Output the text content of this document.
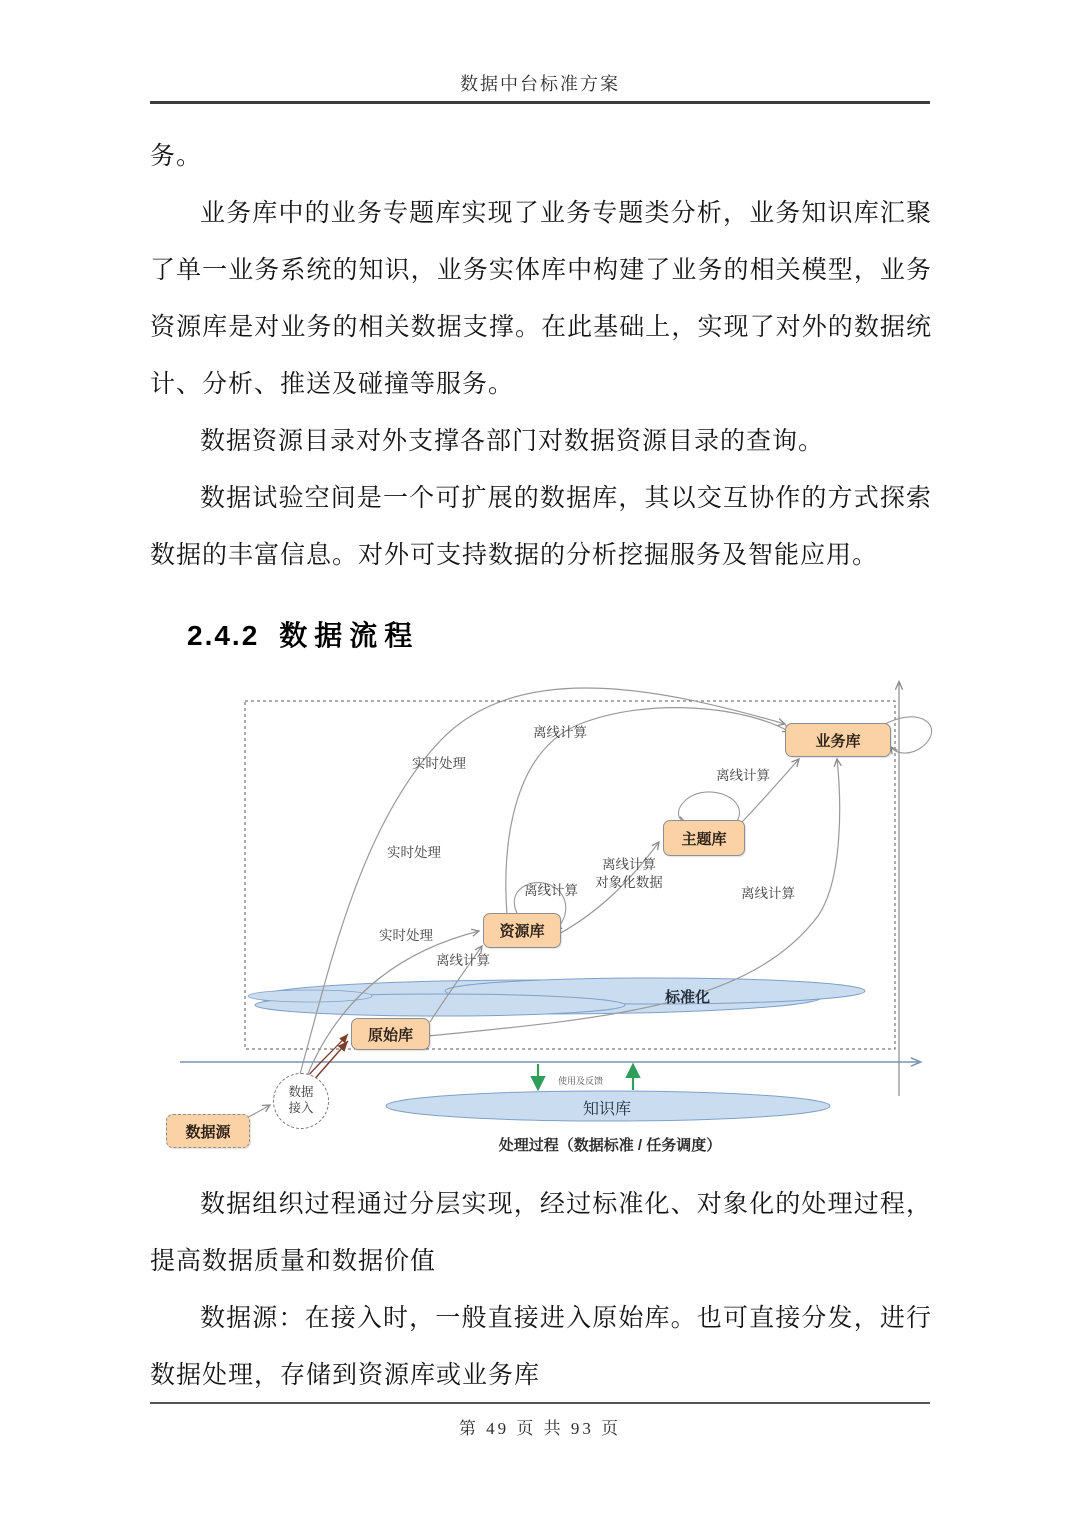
数据中台标准方案

务。

业务库中的业务专题库实现了业务专题类分析，业务知识库汇聚了单一业务系统的知识，业务实体库中构建了业务的相关模型，业务资源库是对业务的相关数据支撑。在此基础上，实现了对外的数据统计、分析、推送及碰撞等服务。

数据资源目录对外支撑各部门对数据资源目录的查询。

数据试验空间是一个可扩展的数据库，其以交互协作的方式探索数据的丰富信息。对外可支持数据的分析挖掘服务及智能应用。

2.4.2 数据流程
业务库
主题库
资源库
原始库
数据源
数据
接入
标准化
知识库
离线计算
实时处理
实时处理
离线计算
离线计算
离线计算
对象化数据
离线计算
实时处理
离线计算
使用及反馈
处理过程（数据标准 / 任务调度）

数据组织过程通过分层实现，经过标准化、对象化的处理过程，提高数据质量和数据价值

数据源：在接入时，一般直接进入原始库。也可直接分发，进行数据处理，存储到资源库或业务库

第 49 页 共 93 页
